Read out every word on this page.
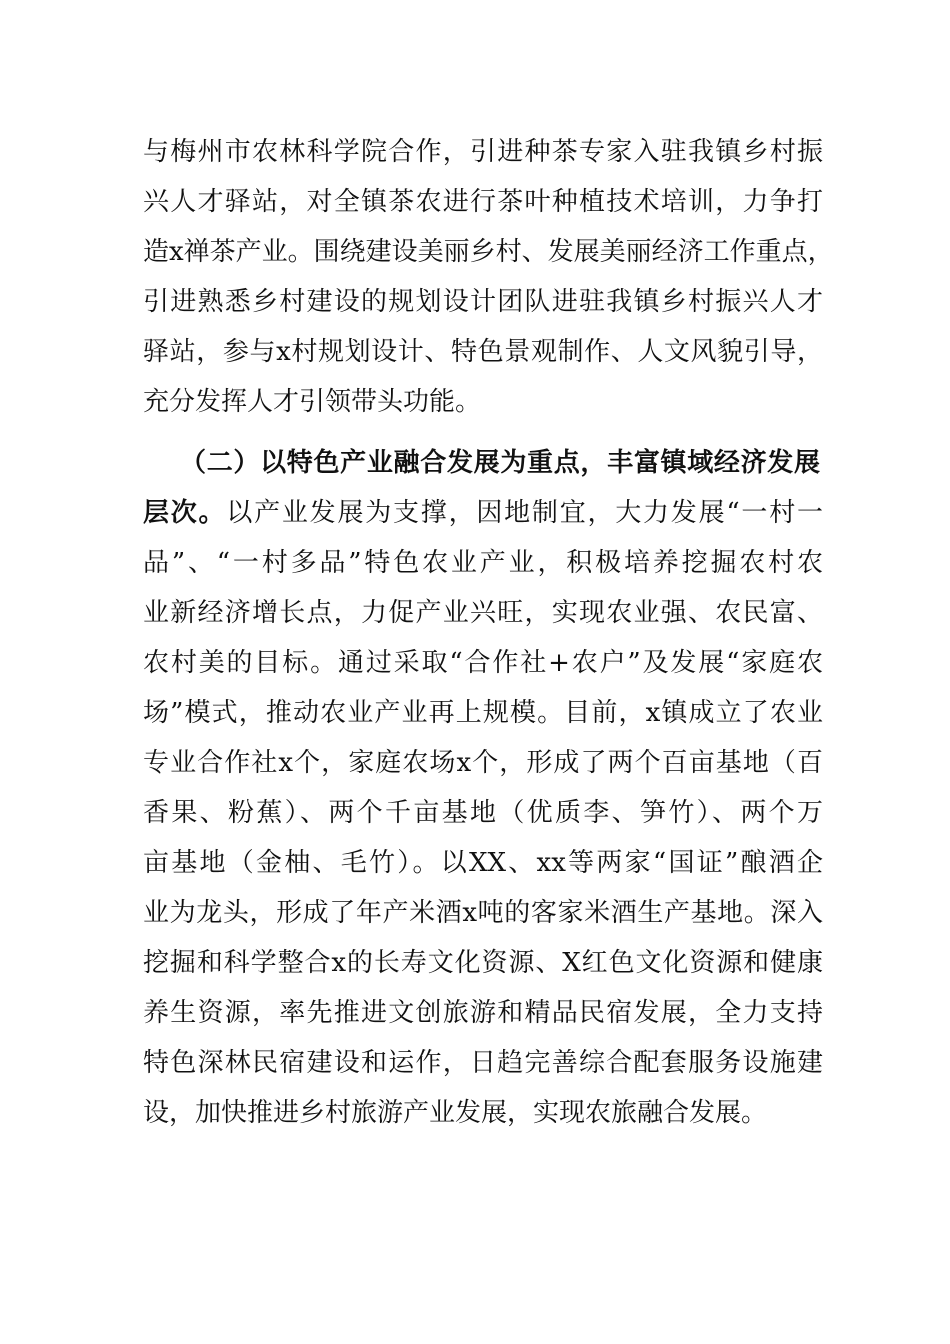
与梅州市农林科学院合作，引进种茶专家入驻我镇乡村振
兴人才驿站，对全镇茶农进行茶叶种植技术培训，力争打
造x禅茶产业。围绕建设美丽乡村、发展美丽经济工作重点，
引进熟悉乡村建设的规划设计团队进驻我镇乡村振兴人才
驿站，参与x村规划设计、特色景观制作、人文风貌引导，
充分发挥人才引领带头功能。
（二）以特色产业融合发展为重点，丰富镇域经济发展
层次。以产业发展为支撑，因地制宜，大力发展“一村一
品”、“一村多品”特色农业产业，积极培养挖掘农村农
业新经济增长点，力促产业兴旺，实现农业强、农民富、
农村美的目标。通过采取“合作社+农户”及发展“家庭农
场”模式，推动农业产业再上规模。目前，x镇成立了农业
专业合作社x个，家庭农场x个，形成了两个百亩基地（百
香果、粉蕉）、两个千亩基地（优质李、笋竹）、两个万
亩基地（金柚、毛竹）。以XX、xx等两家“国证”酿酒企
业为龙头，形成了年产米酒x吨的客家米酒生产基地。深入
挖掘和科学整合x的长寿文化资源、X红色文化资源和健康
养生资源，率先推进文创旅游和精品民宿发展，全力支持
特色深林民宿建设和运作，日趋完善综合配套服务设施建
设，加快推进乡村旅游产业发展，实现农旅融合发展。
